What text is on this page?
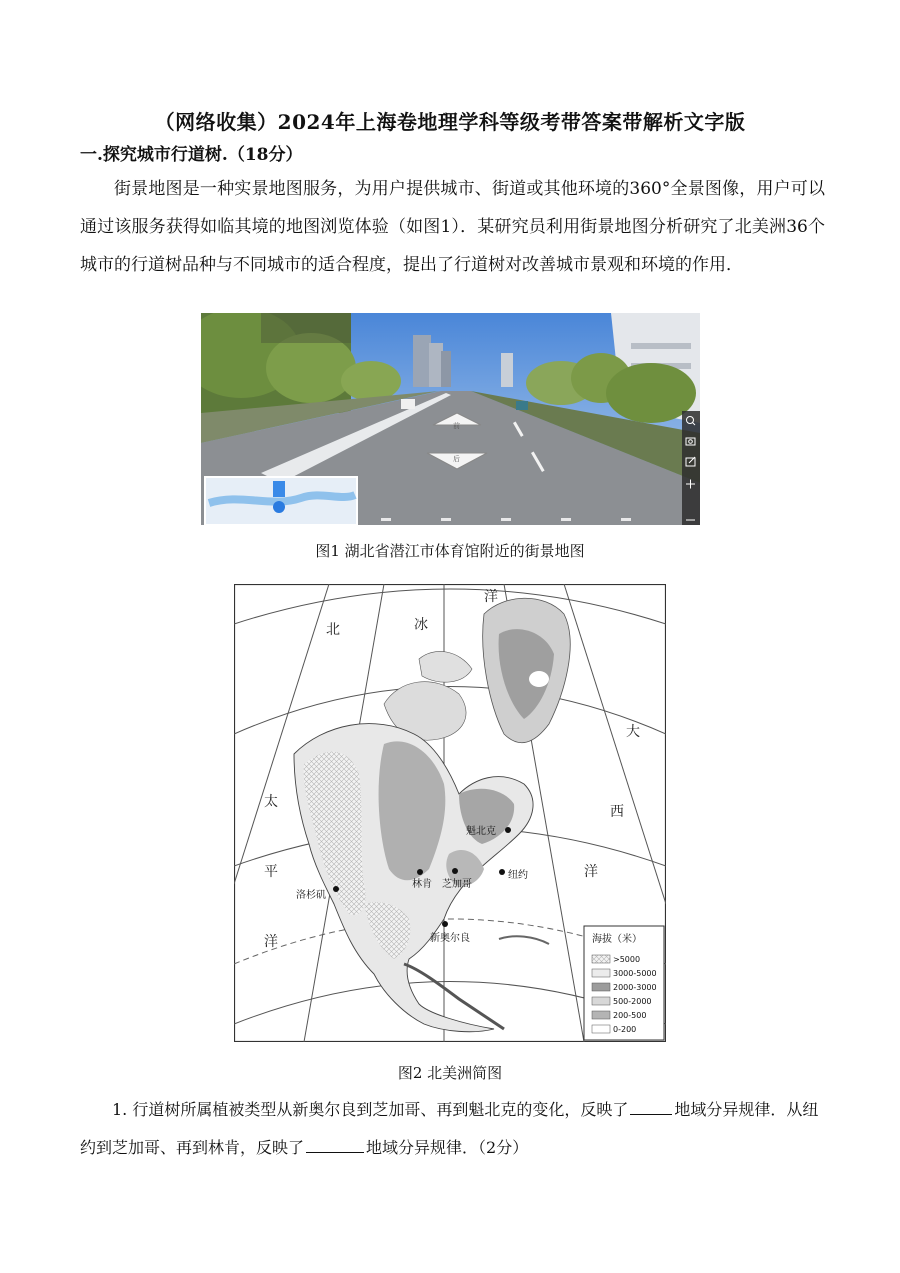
（网络收集）2024年上海卷地理学科等级考带答案带解析文字版
一.探究城市行道树.（18分）
街景地图是一种实景地图服务，为用户提供城市、街道或其他环境的360°全景图像，用户可以通过该服务获得如临其境的地图浏览体验（如图1）．某研究员利用街景地图分析研究了北美洲36个城市的行道树品种与不同城市的适合程度，提出了行道树对改善城市景观和环境的作用．
前
后
图1 湖北省潜江市体育馆附近的街景地图
北	冰
洋
太
平
洋
大
西
洋
魁北克
林肯 芝加哥
纽约
洛杉矶
新奥尔良	海拔（米）
>5000
3000-5000
2000-3000
500-2000
200-500
0-200
图2 北美洲简图
1. 行道树所属植被类型从新奥尔良到芝加哥、再到魁北克的变化，反映了	地域分异规律．从纽约到芝加哥、再到林肯，反映了	地域分异规律．（2分）
